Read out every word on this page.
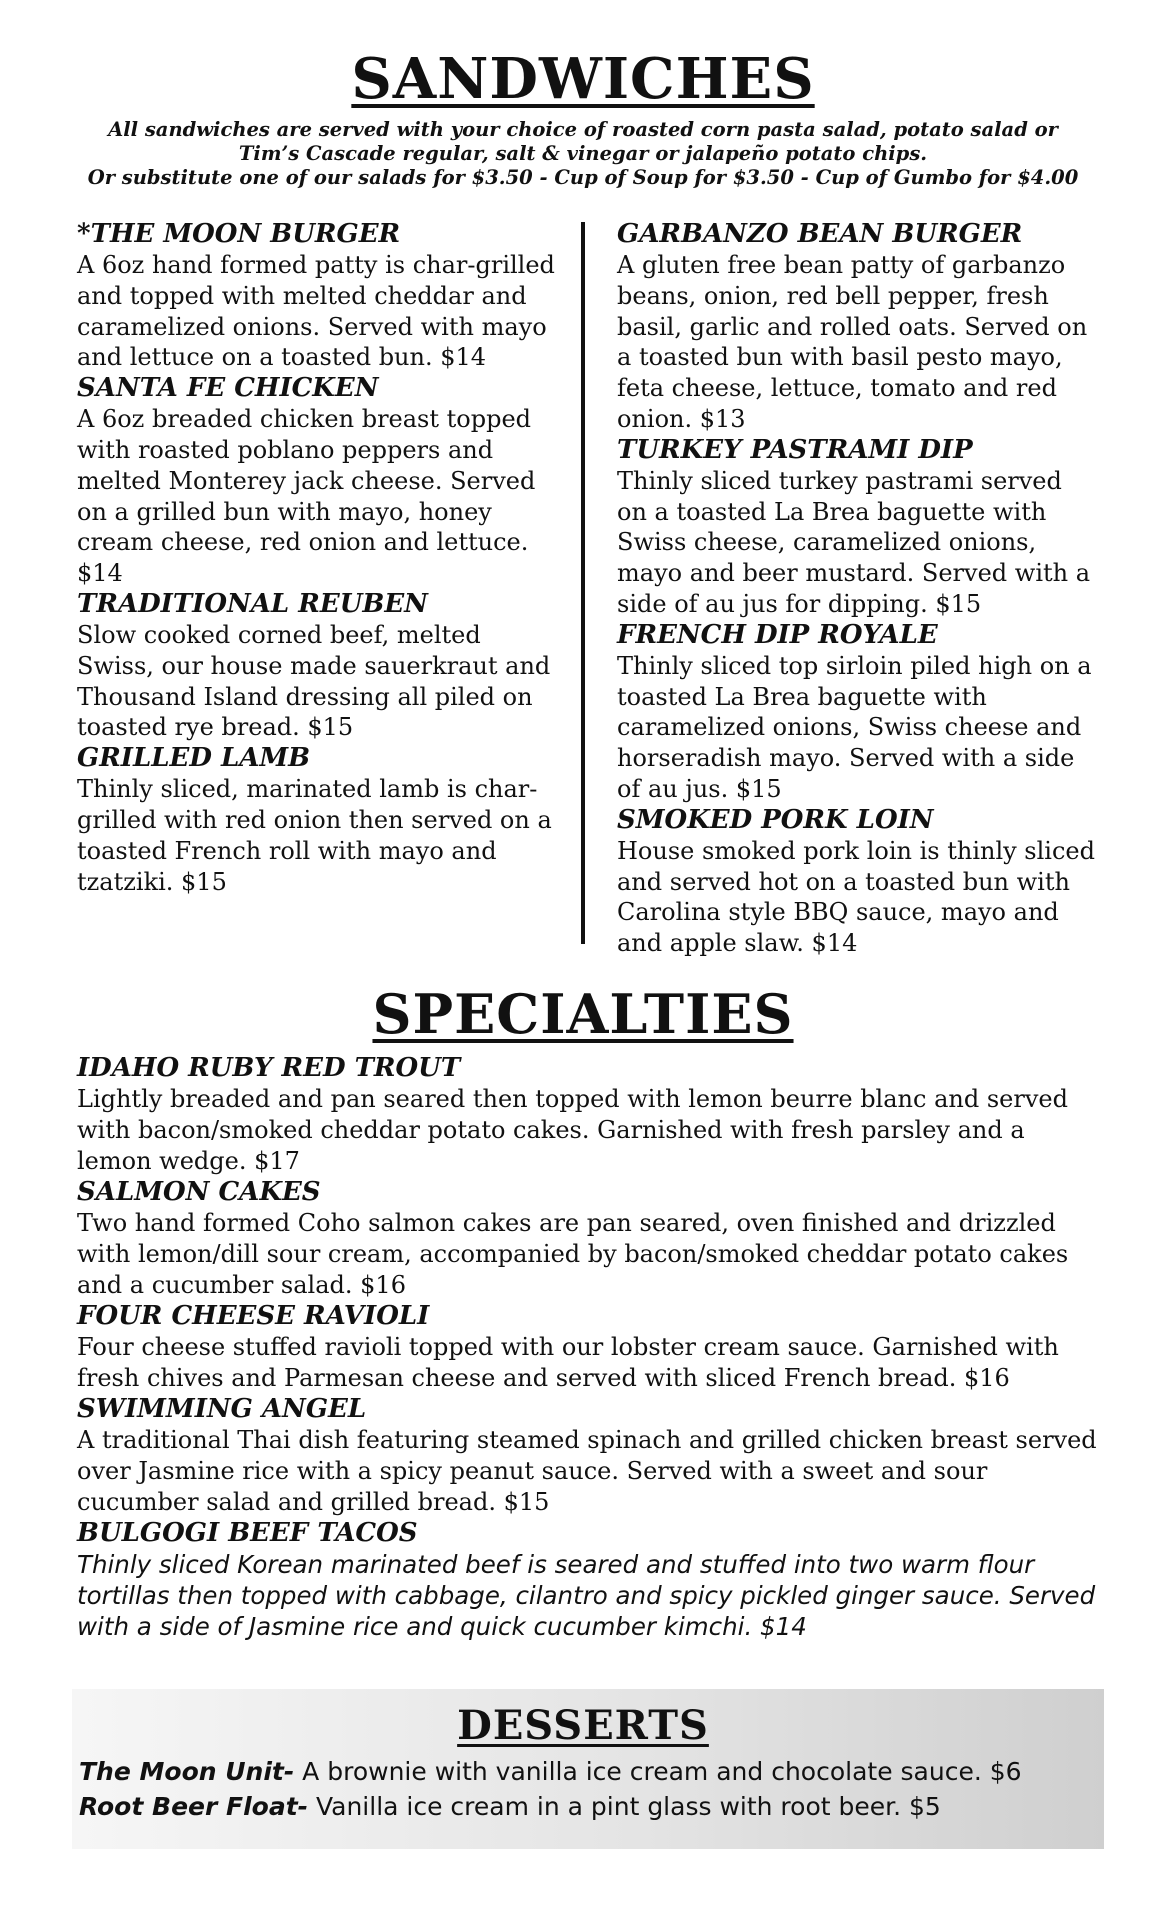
SANDWICHES
All sandwiches are served with your choice of roasted corn pasta salad, potato salad or
Tim’s Cascade regular, salt & vinegar or jalapeño potato chips.
Or substitute one of our salads for $3.50 - Cup of Soup for $3.50 - Cup of Gumbo for $4.00
*THE MOON BURGER
A 6oz hand formed patty is char-grilled and topped with melted cheddar and caramelized onions. Served with mayo and lettuce on a toasted bun. $14
SANTA FE CHICKEN
A 6oz breaded chicken breast topped with roasted poblano peppers and melted Monterey jack cheese. Served on a grilled bun with mayo, honey cream cheese, red onion and lettuce. $14
TRADITIONAL REUBEN
Slow cooked corned beef, melted Swiss, our house made sauerkraut and Thousand Island dressing all piled on toasted rye bread. $15
GRILLED LAMB
Thinly sliced, marinated lamb is char-grilled with red onion then served on a toasted French roll with mayo and tzatziki. $15
GARBANZO BEAN BURGER
A gluten free bean patty of garbanzo beans, onion, red bell pepper, fresh basil, garlic and rolled oats. Served on a toasted bun with basil pesto mayo, feta cheese, lettuce, tomato and red onion. $13
TURKEY PASTRAMI DIP
Thinly sliced turkey pastrami served on a toasted La Brea baguette with Swiss cheese, caramelized onions, mayo and beer mustard. Served with a side of au jus for dipping. $15
FRENCH DIP ROYALE
Thinly sliced top sirloin piled high on a toasted La Brea baguette with caramelized onions, Swiss cheese and horseradish mayo. Served with a side of au jus. $15
SMOKED PORK LOIN
House smoked pork loin is thinly sliced and served hot on a toasted bun with Carolina style BBQ sauce, mayo and and apple slaw. $14
SPECIALTIES
IDAHO RUBY RED TROUT
Lightly breaded and pan seared then topped with lemon beurre blanc and served with bacon/smoked cheddar potato cakes. Garnished with fresh parsley and a lemon wedge. $17
SALMON CAKES
Two hand formed Coho salmon cakes are pan seared, oven finished and drizzled with lemon/dill sour cream, accompanied by bacon/smoked cheddar potato cakes and a cucumber salad. $16
FOUR CHEESE RAVIOLI
Four cheese stuffed ravioli topped with our lobster cream sauce. Garnished with fresh chives and Parmesan cheese and served with sliced French bread. $16
SWIMMING ANGEL
A traditional Thai dish featuring steamed spinach and grilled chicken breast served over Jasmine rice with a spicy peanut sauce. Served with a sweet and sour cucumber salad and grilled bread. $15
BULGOGI BEEF TACOS
Thinly sliced Korean marinated beef is seared and stuffed into two warm flour tortillas then topped with cabbage, cilantro and spicy pickled ginger sauce. Served with a side of Jasmine rice and quick cucumber kimchi. $14
DESSERTS
The Moon Unit- A brownie with vanilla ice cream and chocolate sauce. $6
Root Beer Float- Vanilla ice cream in a pint glass with root beer. $5
